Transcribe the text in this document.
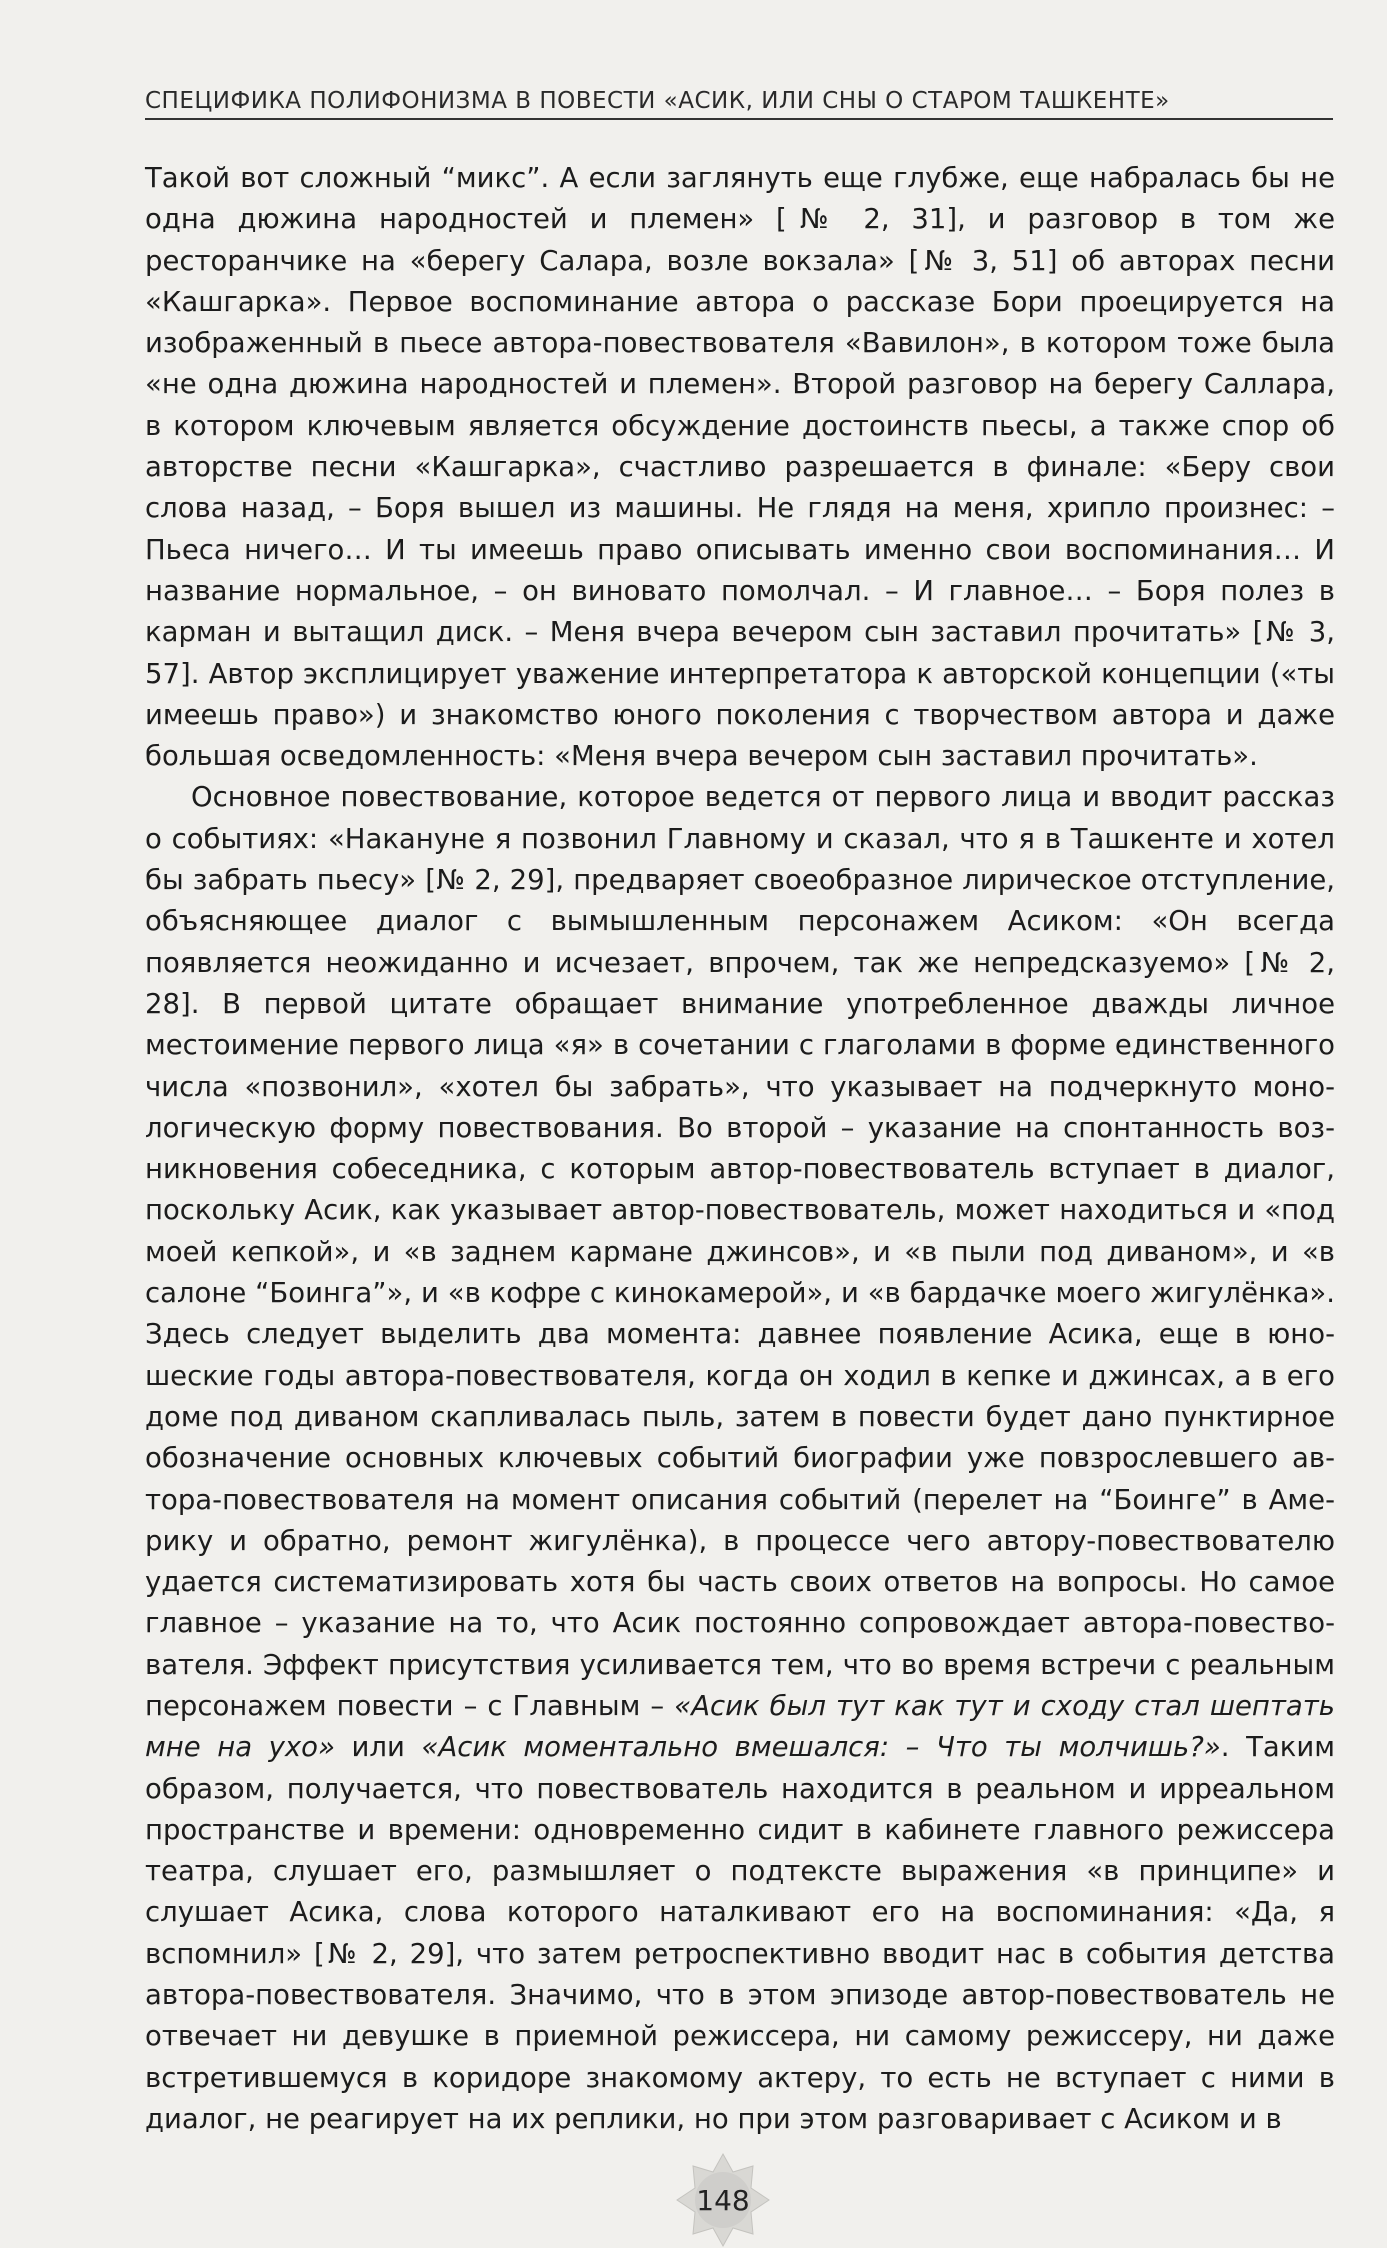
СПЕЦИФИКА ПОЛИФОНИЗМА В ПОВЕСТИ «АСИК, ИЛИ СНЫ О СТАРОМ ТАШКЕНТЕ»

Такой вот сложный “микс”. А если заглянуть еще глубже, еще набралась бы не одна дюжина народностей и племен» [№ 2, 31], и разговор в том же ресторанчике на «берегу Салара, возле вокзала» [№ 3, 51] об авторах песни «Кашгарка». Первое воспоминание автора о рассказе Бори проецируется на изображенный в пьесе автора-повествователя «Вавилон», в котором тоже была «не одна дюжина народностей и племен». Второй разговор на берегу Саллара, в котором ключевым является обсуждение достоинств пьесы, а также спор об авторстве песни «Кашгарка», счастливо разрешается в финале: «Беру свои слова назад, – Боря вышел из машины. Не глядя на меня, хрипло произнес: – Пьеса ничего… И ты имеешь право описывать именно свои воспоминания… И название нормальное, – он виновато помолчал. – И главное… – Боря полез в карман и вытащил диск. – Меня вчера вечером сын заставил прочитать» [№ 3, 57]. Автор эксплицирует уважение интерпретатора к авторской концепции («ты имеешь право») и знакомство юного поколения с творчеством автора и даже большая осведомленность: «Меня вчера вечером сын заставил прочитать».

Основное повествование, которое ведется от первого лица и вводит рассказ о событиях: «Накануне я позвонил Главному и сказал, что я в Ташкенте и хотел бы забрать пьесу» [№ 2, 29], предваряет своеобразное лирическое отступление, объясняющее диалог с вымышленным персонажем Асиком: «Он всегда появляется неожиданно и исчезает, впрочем, так же непредсказуемо» [№ 2, 28]. В первой цитате обращает внимание употребленное дважды личное местоимение первого лица «я» в сочетании с глаголами в форме единственного числа «позвонил», «хотел бы забрать», что указывает на подчеркнуто монологическую форму повествования. Во второй – указание на спонтанность возникновения собеседника, с которым автор-повествователь вступает в диалог, поскольку Асик, как указывает автор-повествователь, может находиться и «под моей кепкой», и «в заднем кармане джинсов», и «в пыли под диваном», и «в салоне “Боинга”», и «в кофре с кинокамерой», и «в бардачке моего жигулёнка». Здесь следует выделить два момента: давнее появление Асика, еще в юношеские годы автора-повествователя, когда он ходил в кепке и джинсах, а в его доме под диваном скапливалась пыль, затем в повести будет дано пунктирное обозначение основных ключевых событий биографии уже повзрослевшего автора-повествователя на момент описания событий (перелет на “Боинге” в Америку и обратно, ремонт жигулёнка), в процессе чего автору-повествователю удается систематизировать хотя бы часть своих ответов на вопросы. Но самое главное – указание на то, что Асик постоянно сопровождает автора-повествователя. Эффект присутствия усиливается тем, что во время встречи с реальным персонажем повести – с Главным – «Асик был тут как тут и сходу стал шептать мне на ухо» или «Асик моментально вмешался: – Что ты молчишь?». Таким образом, получается, что повествователь находится в реальном и ирреальном пространстве и времени: одновременно сидит в кабинете главного режиссера театра, слушает его, размышляет о подтексте выражения «в принципе» и слушает Асика, слова которого наталкивают его на воспоминания: «Да, я вспомнил» [№ 2, 29], что затем ретроспективно вводит нас в события детства автора-повествователя. Значимо, что в этом эпизоде автор-повествователь не отвечает ни девушке в приемной режиссера, ни самому режиссеру, ни даже встретившемуся в коридоре знакомому актеру, то есть не вступает с ними в диалог, не реагирует на их реплики, но при этом разговаривает с Асиком и в

148
